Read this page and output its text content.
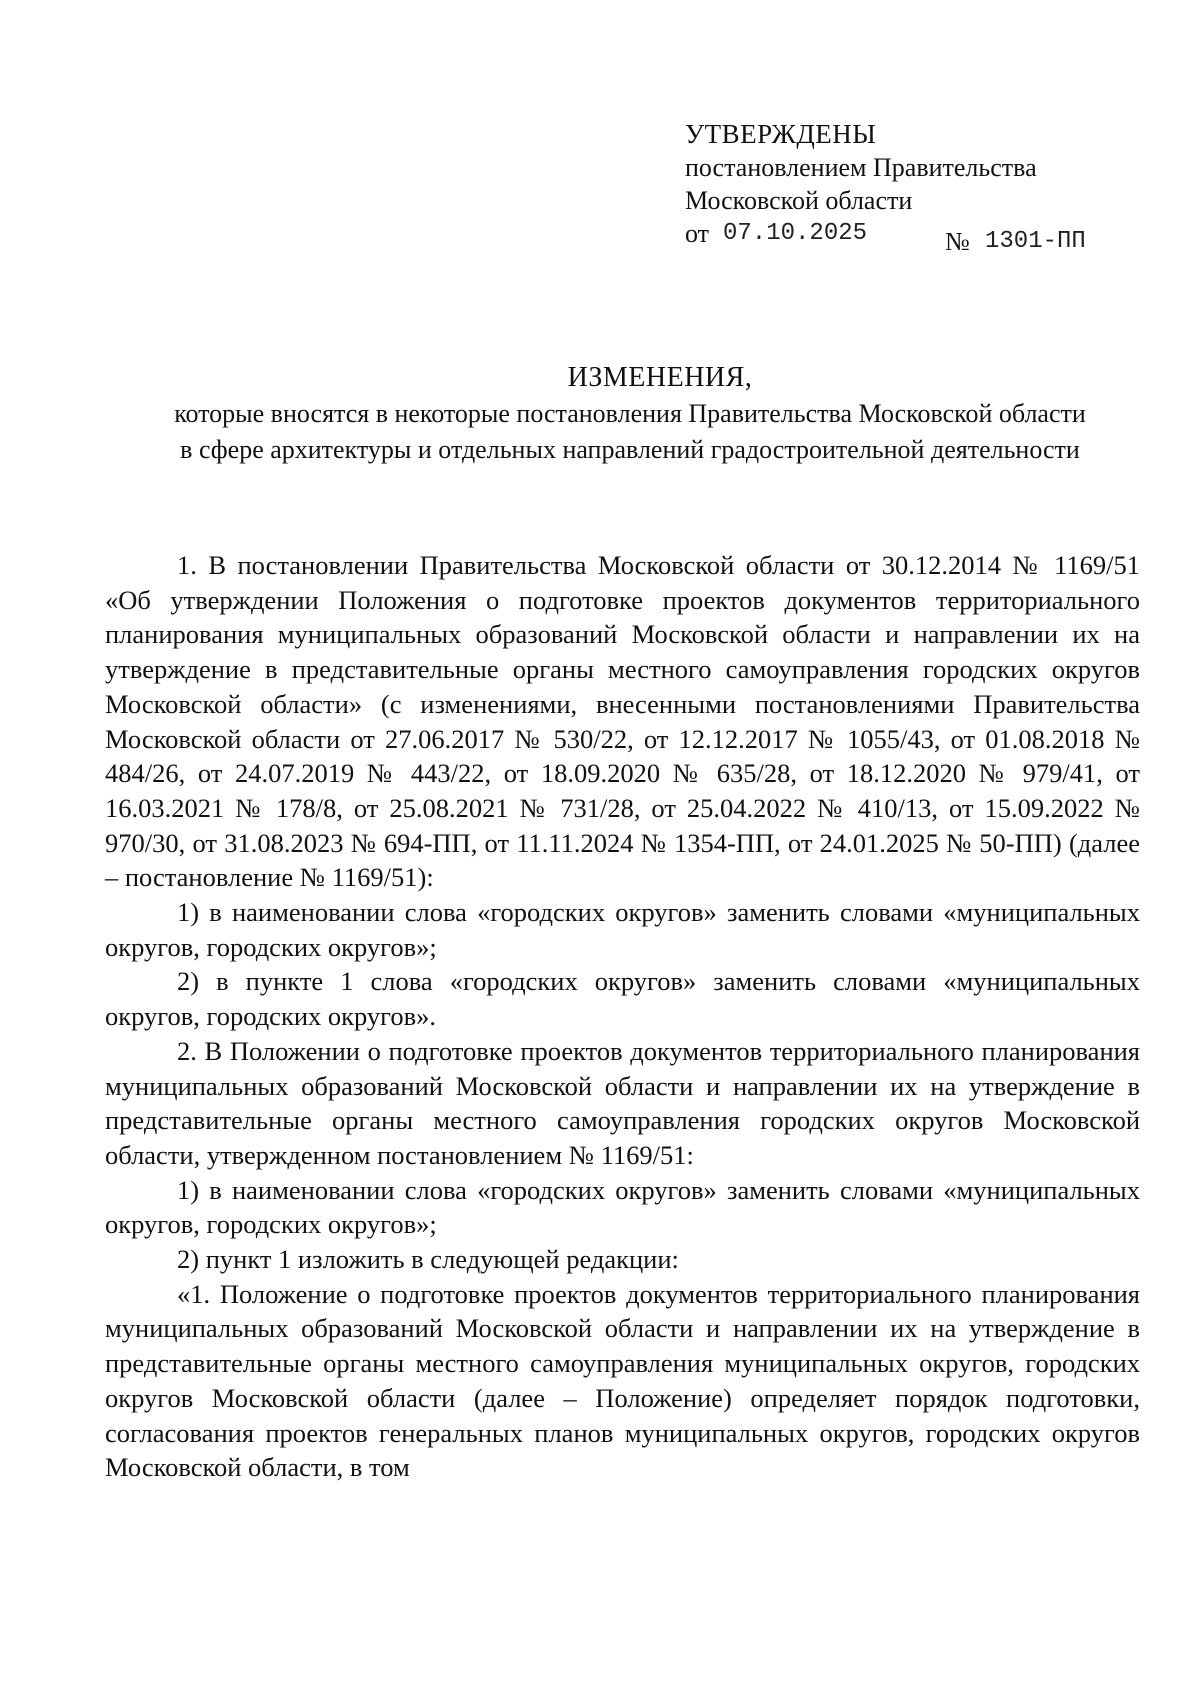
УТВЕРЖДЕНЫ
постановлением Правительства
Московской области
от 07.10.2025	№ 1301-ПП
ИЗМЕНЕНИЯ,
которые вносятся в некоторые постановления Правительства Московской области
в сфере архитектуры и отдельных направлений градостроительной деятельности

1. В постановлении Правительства Московской области от 30.12.2014 № 1169/51 «Об утверждении Положения о подготовке проектов документов территориального планирования муниципальных образований Московской области и направлении их на утверждение в представительные органы местного самоуправления городских округов Московской области» (с изменениями, внесенными постановлениями Правительства Московской области от 27.06.2017 № 530/22, от 12.12.2017 № 1055/43, от 01.08.2018 № 484/26, от 24.07.2019 № 443/22, от 18.09.2020 № 635/28, от 18.12.2020 № 979/41, от 16.03.2021 № 178/8, от 25.08.2021 № 731/28, от 25.04.2022 № 410/13, от 15.09.2022 № 970/30, от 31.08.2023 № 694-ПП, от 11.11.2024 № 1354-ПП, от 24.01.2025 № 50-ПП) (далее – постановление № 1169/51):

1) в наименовании слова «городских округов» заменить словами «муниципальных округов, городских округов»;

2) в пункте 1 слова «городских округов» заменить словами «муниципальных округов, городских округов».

2. В Положении о подготовке проектов документов территориального планирования муниципальных образований Московской области и направлении их на утверждение в представительные органы местного самоуправления городских округов Московской области, утвержденном постановлением № 1169/51:

1) в наименовании слова «городских округов» заменить словами «муниципальных округов, городских округов»;

2) пункт 1 изложить в следующей редакции:

«1. Положение о подготовке проектов документов территориального планирования муниципальных образований Московской области и направлении их на утверждение в представительные органы местного самоуправления муниципальных округов, городских округов Московской области (далее – Положение) определяет порядок подготовки, согласования проектов генеральных планов муниципальных округов, городских округов Московской области, в том
